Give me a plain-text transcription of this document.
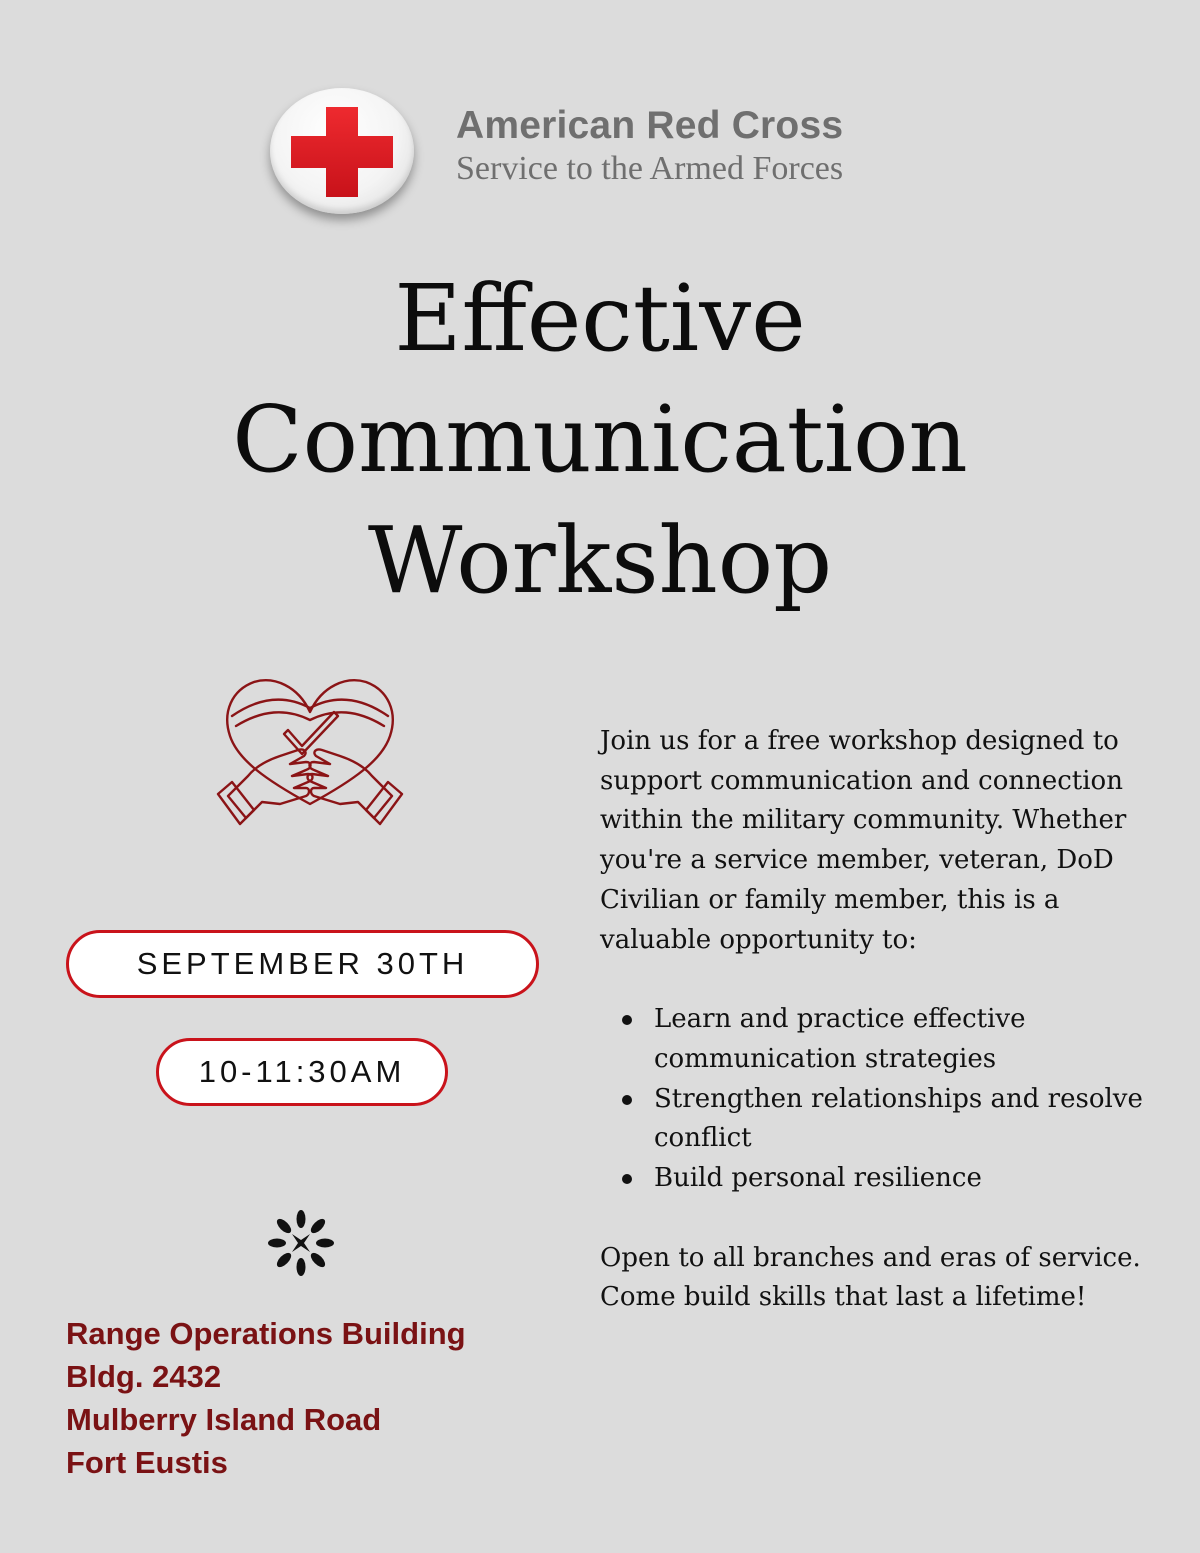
American Red Cross
Service to the Armed Forces
Effective
Communication
Workshop
SEPTEMBER 30TH
10-11:30AM
Range Operations Building
Bldg. 2432
Mulberry Island Road
Fort Eustis

Join us for a free workshop designed to support communication and connection within the military community. Whether you're a service member, veteran, DoD Civilian or family member, this is a valuable opportunity to:

Learn and practice effective communication strategies
Strengthen relationships and resolve conflict
Build personal resilience

Open to all branches and eras of service. Come build skills that last a lifetime!
